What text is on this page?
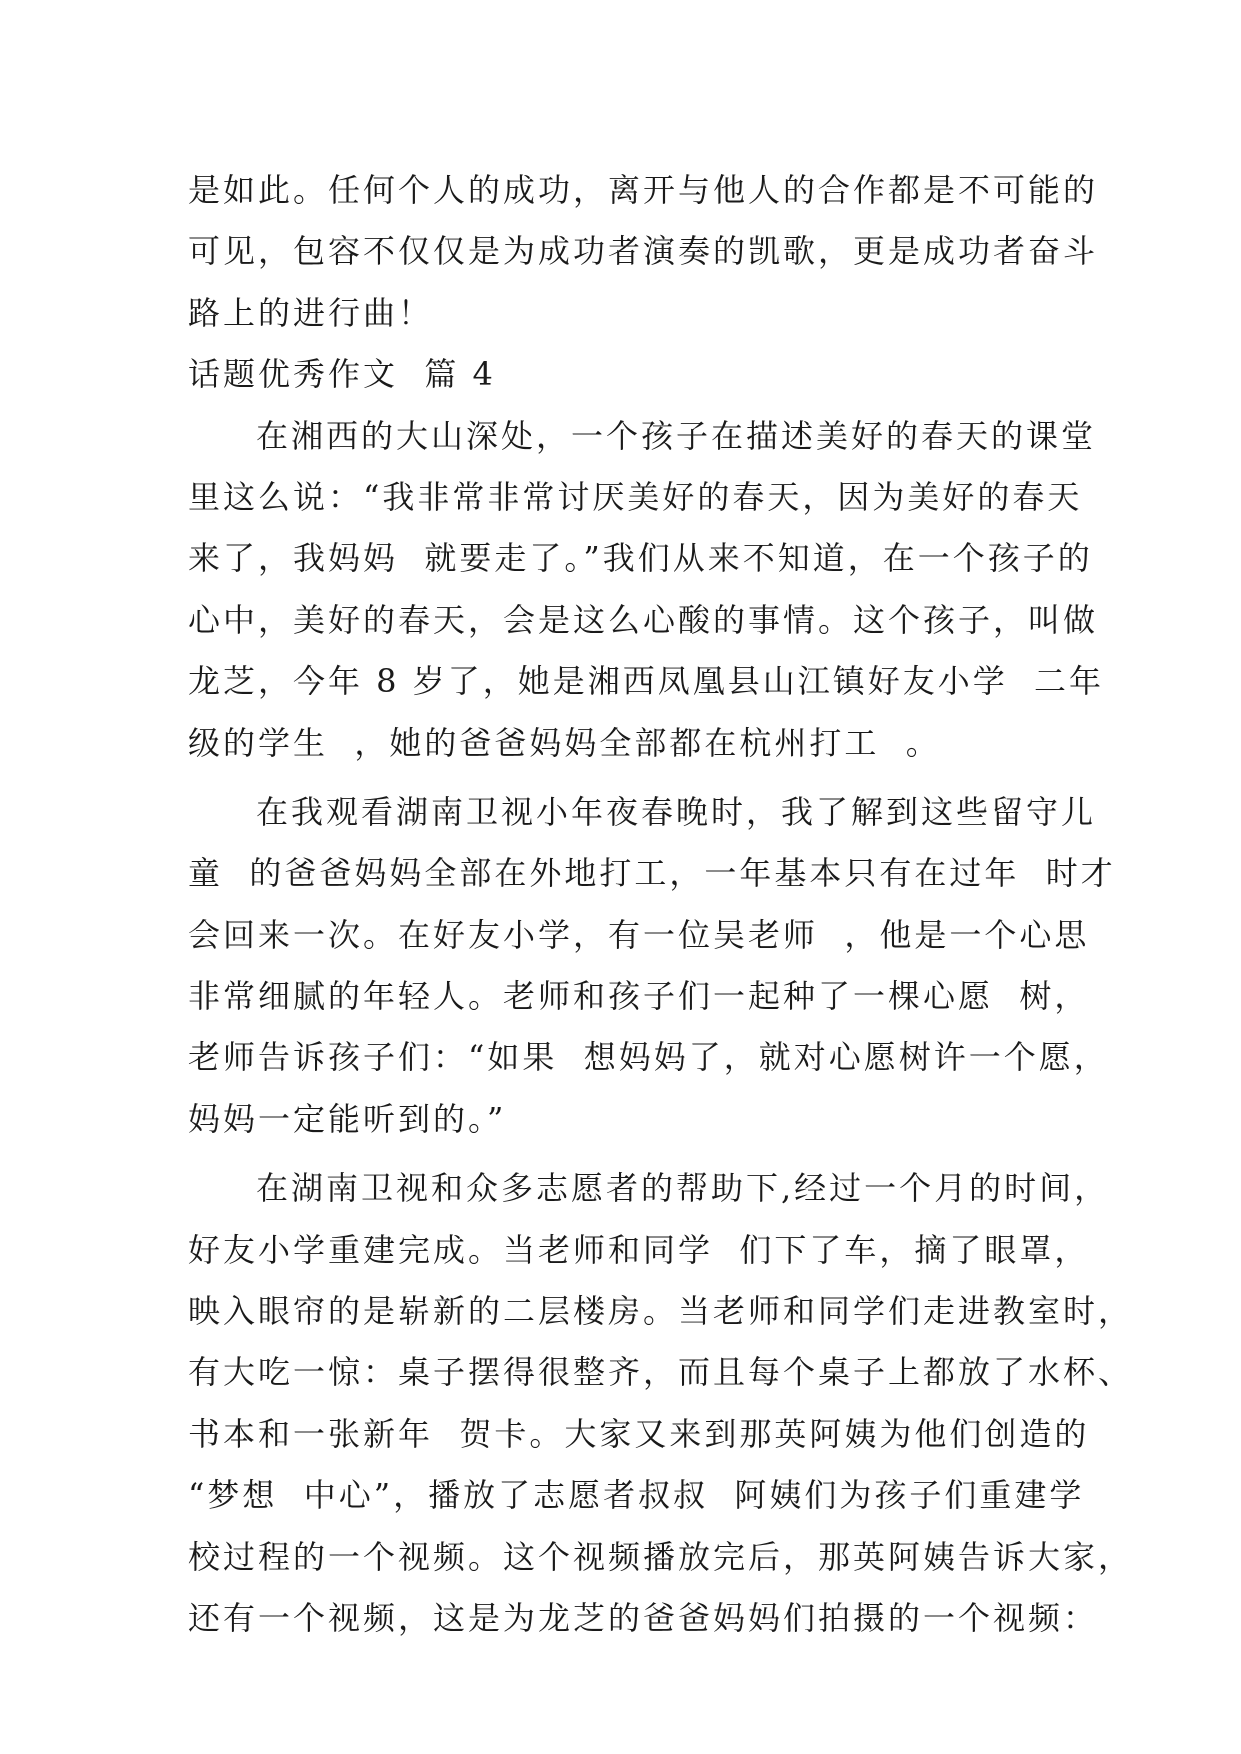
是如此。任何个人的成功，离开与他人的合作都是不可能的
可见，包容不仅仅是为成功者演奏的凯歌，更是成功者奋斗
路上的进行曲！
话题优秀作文  篇 4
在湘西的大山深处，一个孩子在描述美好的春天的课堂
里这么说：“我非常非常讨厌美好的春天，因为美好的春天
来了，我妈妈  就要走了。”我们从来不知道，在一个孩子的
心中，美好的春天，会是这么心酸的事情。这个孩子，叫做
龙芝，今年 8 岁了，她是湘西凤凰县山江镇好友小学  二年
级的学生  ，她的爸爸妈妈全部都在杭州打工  。
在我观看湖南卫视小年夜春晚时，我了解到这些留守儿
童  的爸爸妈妈全部在外地打工，一年基本只有在过年  时才
会回来一次。在好友小学，有一位吴老师  ，他是一个心思
非常细腻的年轻人。老师和孩子们一起种了一棵心愿  树，
老师告诉孩子们：“如果  想妈妈了，就对心愿树许一个愿，
妈妈一定能听到的。”
在湖南卫视和众多志愿者的帮助下,经过一个月的时间，
好友小学重建完成。当老师和同学  们下了车，摘了眼罩，
映入眼帘的是崭新的二层楼房。当老师和同学们走进教室时，
有大吃一惊：桌子摆得很整齐，而且每个桌子上都放了水杯、
书本和一张新年  贺卡。大家又来到那英阿姨为他们创造的
“梦想  中心”，播放了志愿者叔叔  阿姨们为孩子们重建学
校过程的一个视频。这个视频播放完后，那英阿姨告诉大家，
还有一个视频，这是为龙芝的爸爸妈妈们拍摄的一个视频：
